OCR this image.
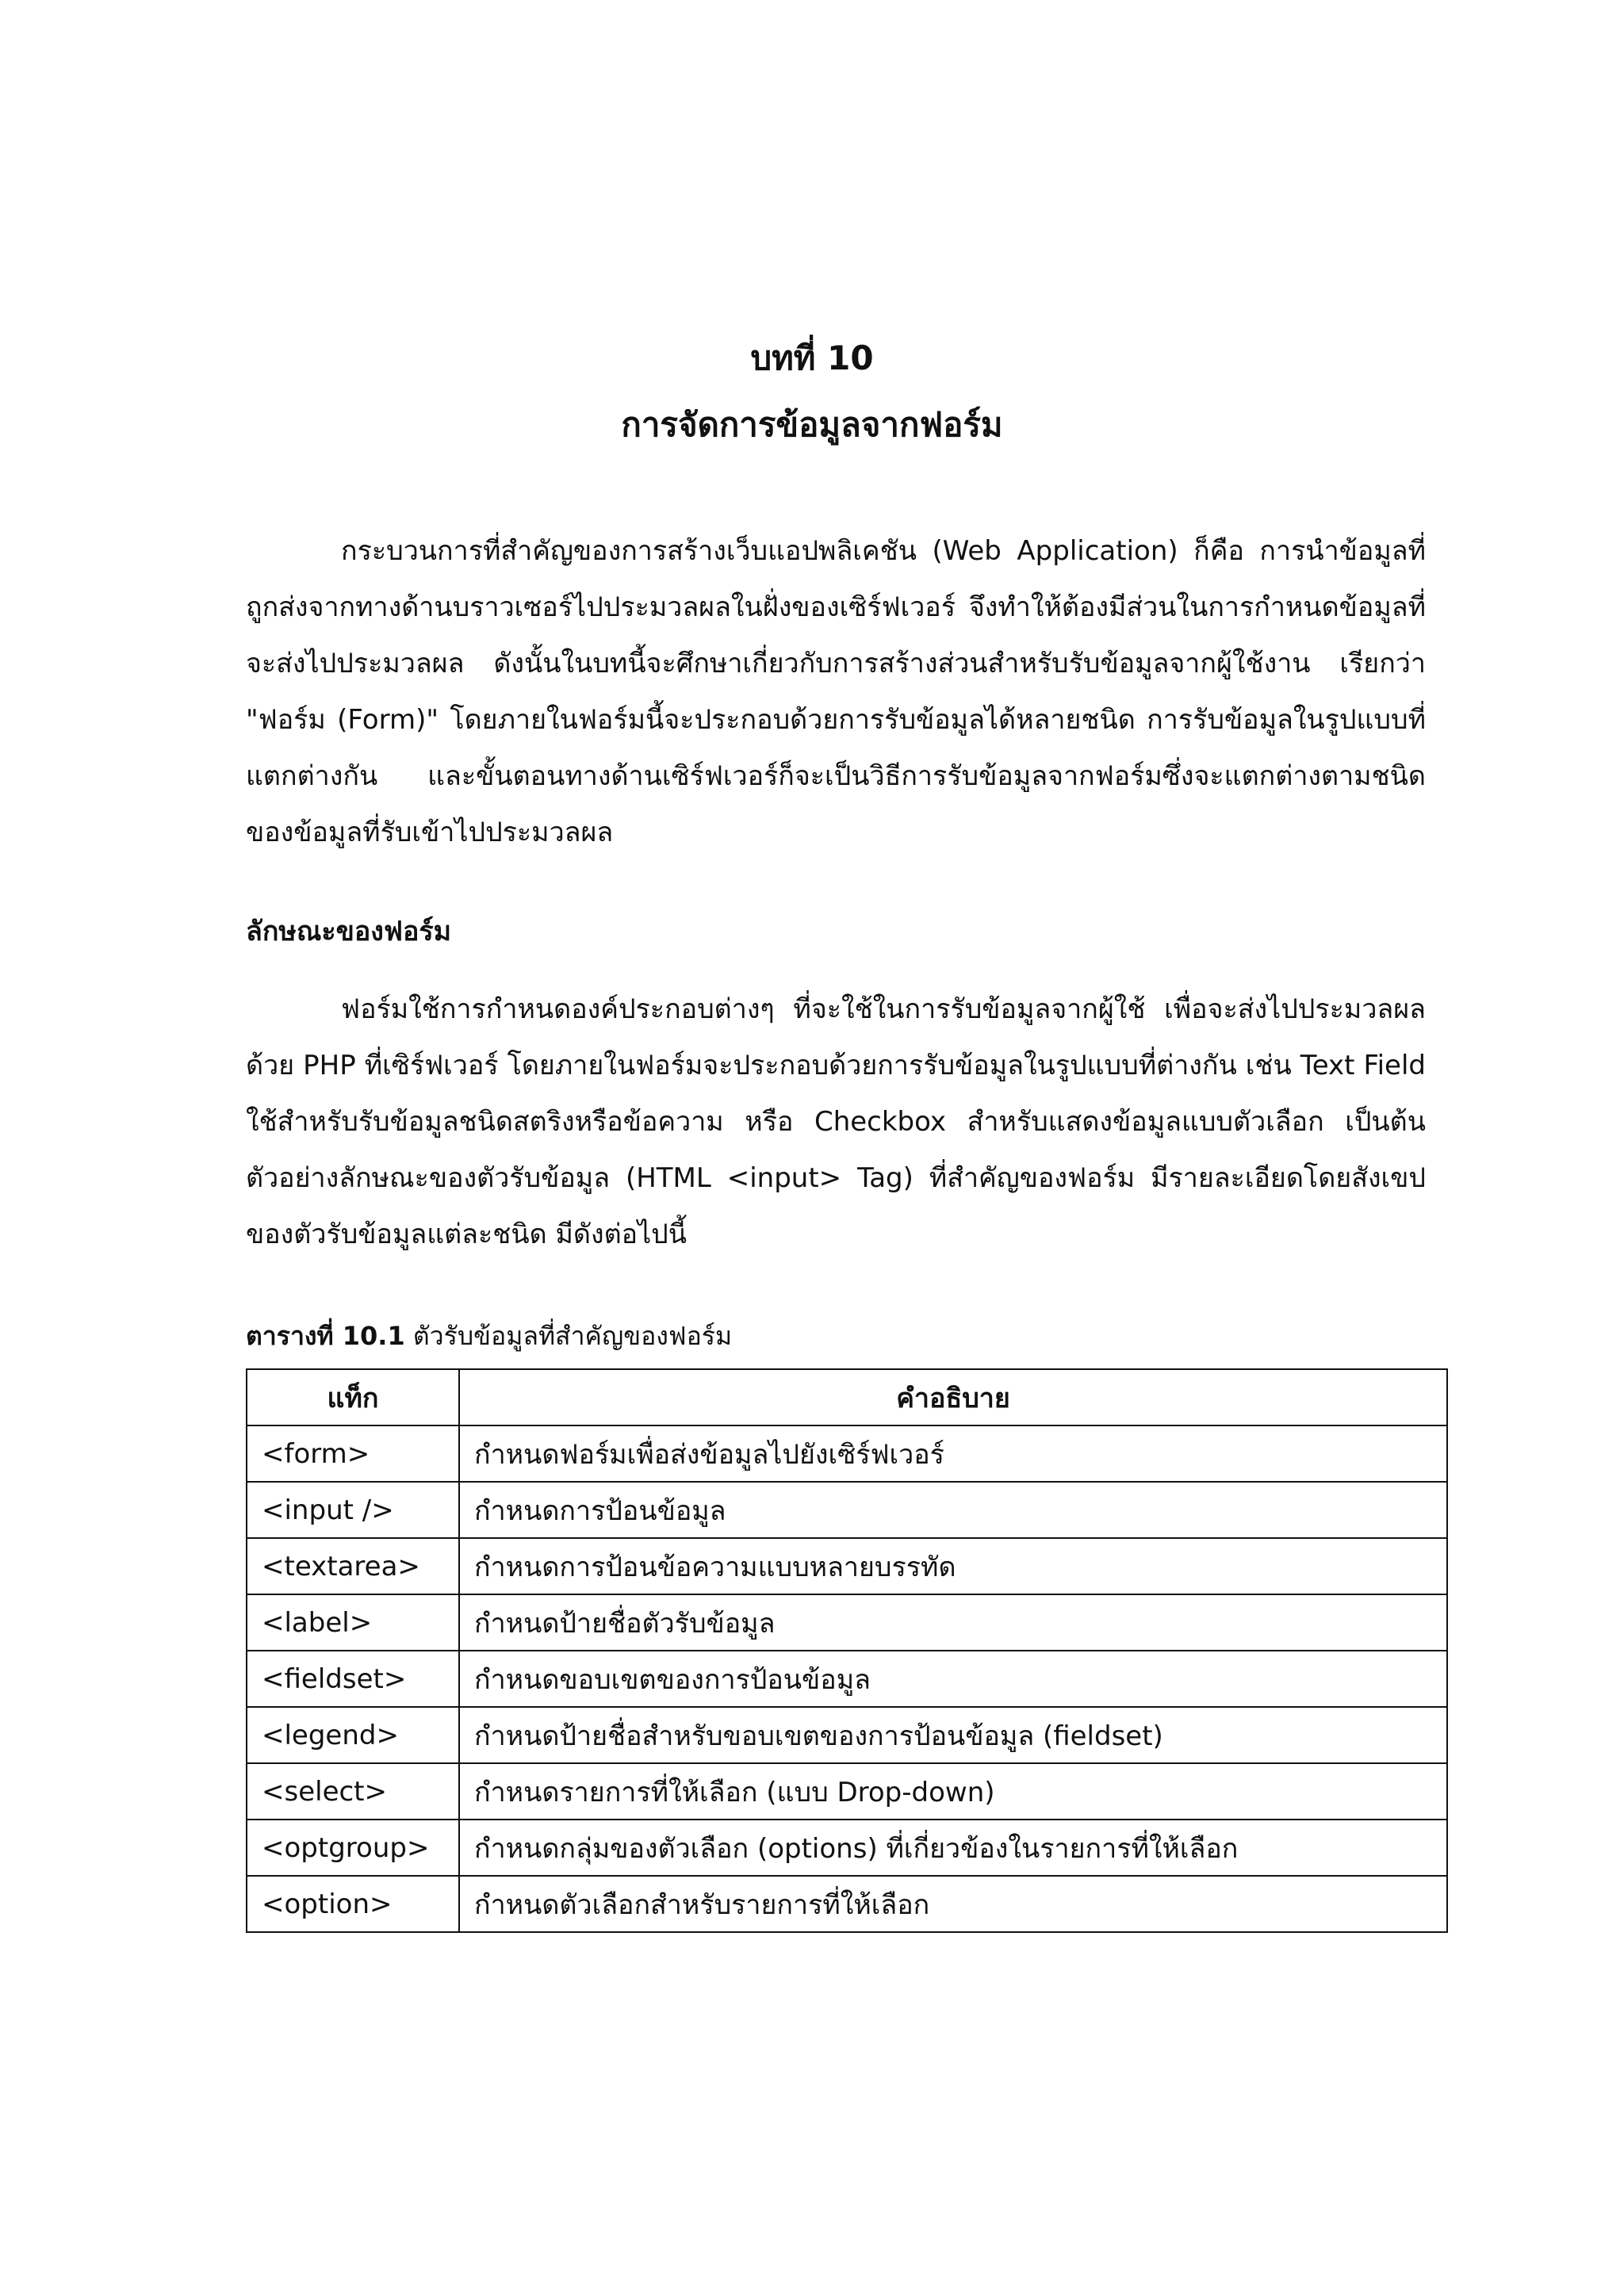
บทที่ 10

การจัดการข้อมูลจากฟอร์ม

กระบวนการที่สำคัญของการสร้างเว็บแอปพลิเคชัน (Web Application) ก็คือ การนำข้อมูลที่ถูกส่งจากทางด้านบราวเซอร์ไปประมวลผลในฝั่งของเซิร์ฟเวอร์ จึงทำให้ต้องมีส่วนในการกำหนดข้อมูลที่จะส่งไปประมวลผล ดังนั้นในบทนี้จะศึกษาเกี่ยวกับการสร้างส่วนสำหรับรับข้อมูลจากผู้ใช้งาน เรียกว่า "ฟอร์ม (Form)" โดยภายในฟอร์มนี้จะประกอบด้วยการรับข้อมูลได้หลายชนิด การรับข้อมูลในรูปแบบที่แตกต่างกัน และขั้นตอนทางด้านเซิร์ฟเวอร์ก็จะเป็นวิธีการรับข้อมูลจากฟอร์มซึ่งจะแตกต่างตามชนิดของข้อมูลที่รับเข้าไปประมวลผล

ลักษณะของฟอร์ม

ฟอร์มใช้การกำหนดองค์ประกอบต่างๆ ที่จะใช้ในการรับข้อมูลจากผู้ใช้ เพื่อจะส่งไปประมวลผลด้วย PHP ที่เซิร์ฟเวอร์ โดยภายในฟอร์มจะประกอบด้วยการรับข้อมูลในรูปแบบที่ต่างกัน เช่น Text Field ใช้สำหรับรับข้อมูลชนิดสตริงหรือข้อความ หรือ Checkbox สำหรับแสดงข้อมูลแบบตัวเลือก เป็นต้น ตัวอย่างลักษณะของตัวรับข้อมูล (HTML <input> Tag) ที่สำคัญของฟอร์ม มีรายละเอียดโดยสังเขปของตัวรับข้อมูลแต่ละชนิด มีดังต่อไปนี้

ตารางที่ 10.1 ตัวรับข้อมูลที่สำคัญของฟอร์ม

แท็ก	คำอธิบาย
<form>	กำหนดฟอร์มเพื่อส่งข้อมูลไปยังเซิร์ฟเวอร์
<input />	กำหนดการป้อนข้อมูล
<textarea>	กำหนดการป้อนข้อความแบบหลายบรรทัด
<label>	กำหนดป้ายชื่อตัวรับข้อมูล
<fieldset>	กำหนดขอบเขตของการป้อนข้อมูล
<legend>	กำหนดป้ายชื่อสำหรับขอบเขตของการป้อนข้อมูล (fieldset)
<select>	กำหนดรายการที่ให้เลือก (แบบ Drop-down)
<optgroup>	กำหนดกลุ่มของตัวเลือก (options) ที่เกี่ยวข้องในรายการที่ให้เลือก
<option>	กำหนดตัวเลือกสำหรับรายการที่ให้เลือก
